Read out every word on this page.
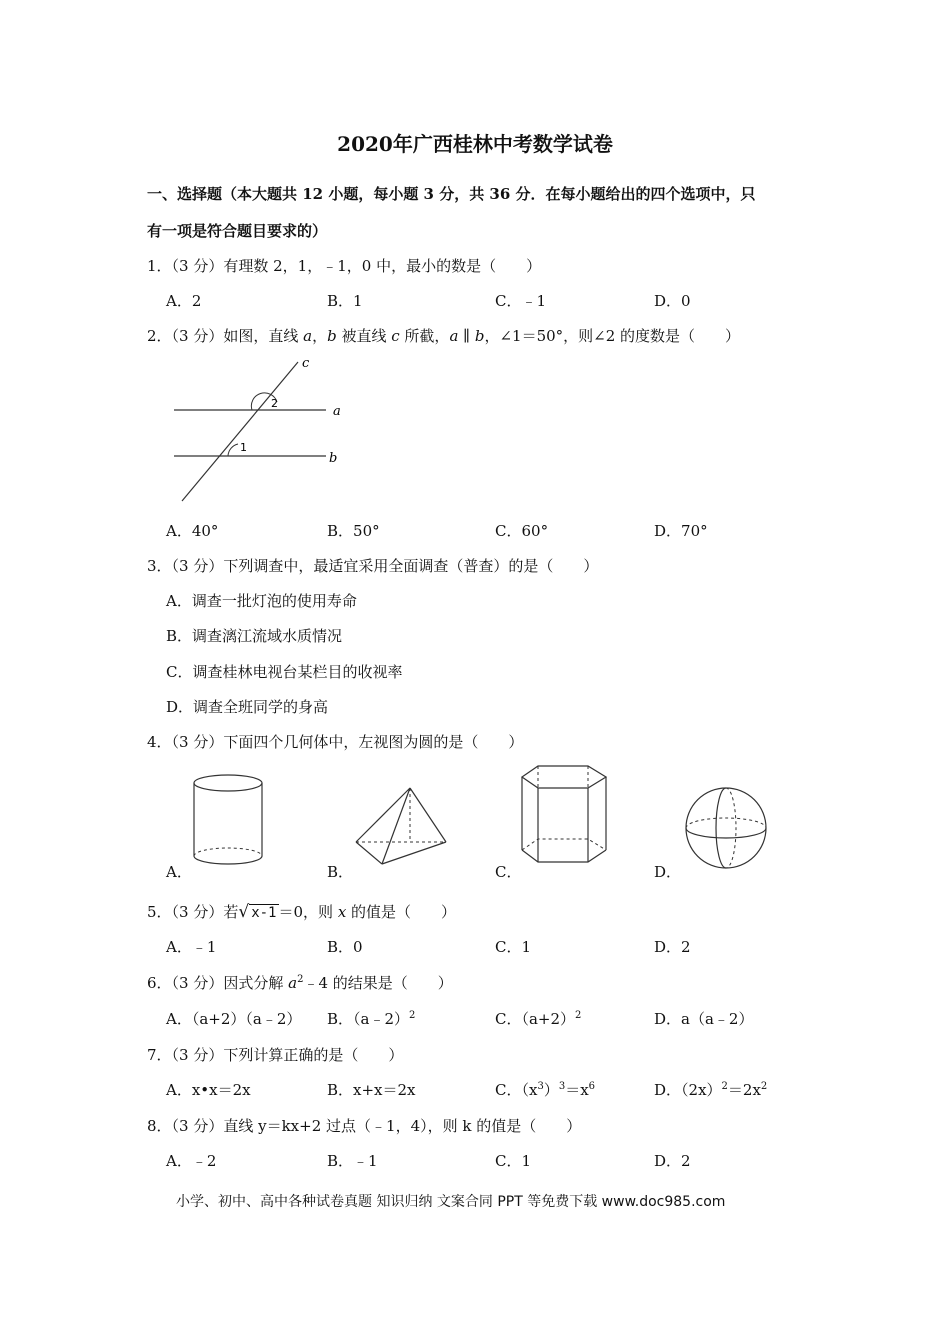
2020年广西桂林中考数学试卷
一、选择题（本大题共 12 小题，每小题 3 分，共 36 分．在每小题给出的四个选项中，只
有一项是符合题目要求的）
1．（3 分）有理数 2，1，﹣1，0 中，最小的数是（　　）
A．2	B．1	C．﹣1	D．0
2．（3 分）如图，直线 a，b 被直线 c 所截，a ∥ b，∠1＝50°，则∠2 的度数是（　　）
c
a
b
1
2
A．40°	B．50°	C．60°	D．70°
3．（3 分）下列调查中，最适宜采用全面调查（普查）的是（　　）
A．调查一批灯泡的使用寿命
B．调查漓江流域水质情况
C．调查桂林电视台某栏目的收视率
D．调查全班同学的身高
4．（3 分）下面四个几何体中，左视图为圆的是（　　）
A．	B．	C．	D．
5．（3 分）若√ x-1 ＝0，则 x 的值是（　　）
A．﹣1	B．0	C．1	D．2
6．（3 分）因式分解 $a^2﹣4$ 的结果是（　　）
A．（a+2）（a﹣2） B．（a﹣2）$^2$	C．$(a+2)^2$	D．a（a﹣2）
7．（3 分）下列计算正确的是（　　）
A．x•x＝2x	B．x+x＝2x	C．$(x^3)^3=x^6$	D．$(2x)^2=2x^2$
8．（3 分）直线 y＝kx+2 过点（﹣1，4），则 k 的值是（　　）
A．﹣2	B．﹣1	C．1	D．2
小学、初中、高中各种试卷真题 知识归纳 文案合同 PPT 等免费下载 www.doc985.com
